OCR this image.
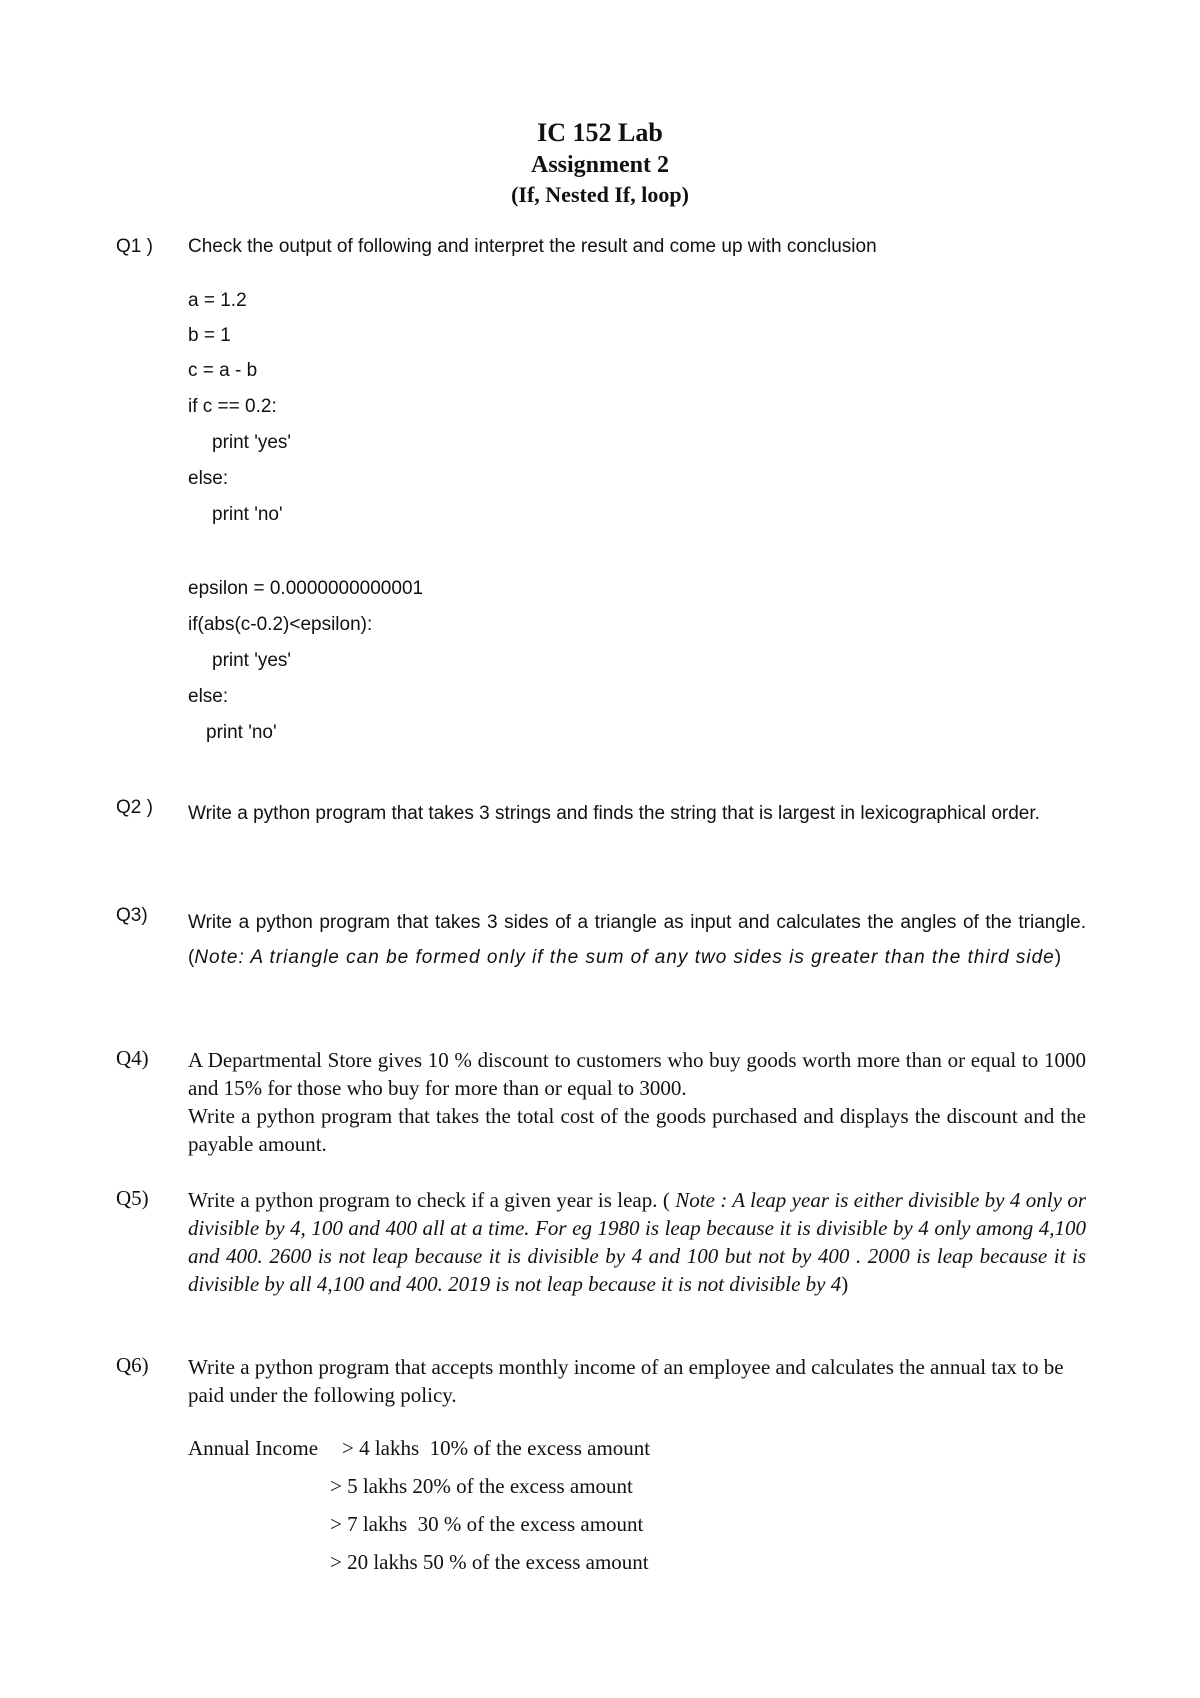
IC 152 Lab
Assignment 2
(If, Nested If, loop)
Q1 ) Check the output of following and interpret the result and come up with conclusion
a = 1.2
b = 1
c = a - b
if c == 0.2:
print 'yes'
else:
print 'no'
epsilon = 0.0000000000001
if(abs(c-0.2)<epsilon):
print 'yes'
else:
print 'no'
Q2 ) Write a python program that takes 3 strings and finds the string that is largest in lexicographical order.
Q3) Write a python program that takes 3 sides of a triangle as input and calculates the angles of the triangle. (Note: A triangle can be formed only if the sum of any two sides is greater than the third side)
Q4) A Departmental Store gives 10 % discount to customers who buy goods worth more than or equal to 1000 and 15% for those who buy for more than or equal to 3000.
Write a python program that takes the total cost of the goods purchased and displays the discount and the payable amount.
Q5) Write a python program to check if a given year is leap. ( Note : A leap year is either divisible by 4 only or divisible by 4, 100 and 400 all at a time. For eg 1980 is leap because it is divisible by 4 only among 4,100 and 400. 2600 is not leap because it is divisible by 4 and 100 but not by 400 . 2000 is leap because it is divisible by all 4,100 and 400. 2019 is not leap because it is not divisible by 4)
Q6) Write a python program that accepts monthly income of an employee and calculates the annual tax to be paid under the following policy.
Annual Income > 4 lakhs  10% of the excess amount
> 5 lakhs 20% of the excess amount
> 7 lakhs  30 % of the excess amount
> 20 lakhs 50 % of the excess amount
